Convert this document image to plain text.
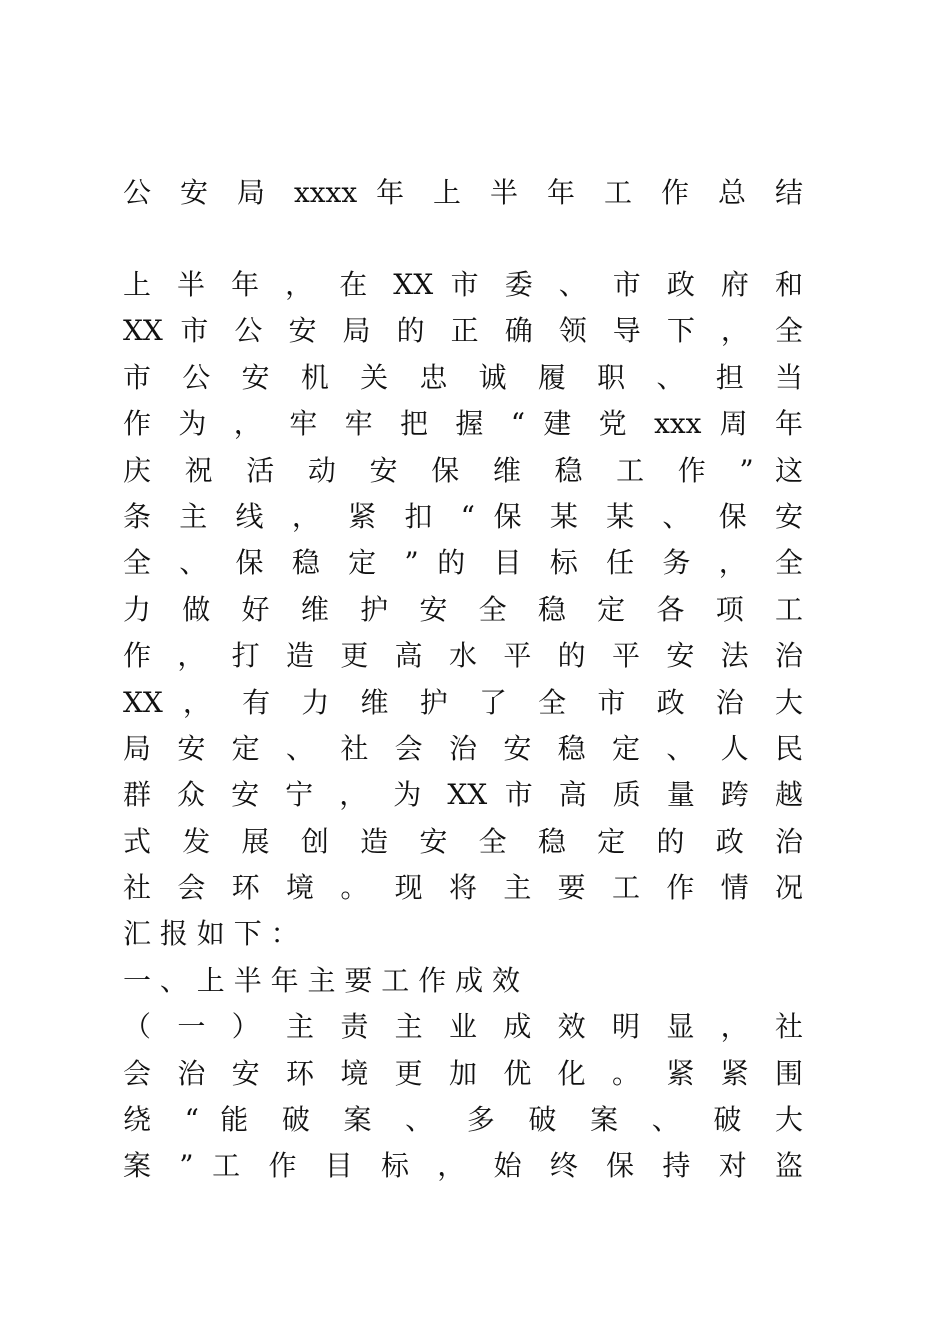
公 安 局 xxxx 年 上 半 年 工 作 总 结
上 半 年 ， 在 XX 市 委 、 市 政 府 和
XX 市 公 安 局 的 正 确 领 导 下 ， 全
市 公 安 机 关 忠 诚 履 职 、 担 当
作 为 ， 牢 牢 把 握 “ 建 党 xxx 周 年
庆 祝 活 动 安 保 维 稳 工 作 ” 这
条 主 线 ， 紧 扣 “ 保 某 某 、 保 安
全 、 保 稳 定 ” 的 目 标 任 务 ， 全
力 做 好 维 护 安 全 稳 定 各 项 工
作 ， 打 造 更 高 水 平 的 平 安 法 治
XX ， 有 力 维 护 了 全 市 政 治 大
局 安 定 、 社 会 治 安 稳 定 、 人 民
群 众 安 宁 ， 为 XX 市 高 质 量 跨 越
式 发 展 创 造 安 全 稳 定 的 政 治
社 会 环 境 。 现 将 主 要 工 作 情 况
汇 报 如 下 ：
一 、 上 半 年 主 要 工 作 成 效
（ 一 ） 主 责 主 业 成 效 明 显 ， 社
会 治 安 环 境 更 加 优 化 。 紧 紧 围
绕 “ 能 破 案 、 多 破 案 、 破 大
案 ” 工 作 目 标 ， 始 终 保 持 对 盗
